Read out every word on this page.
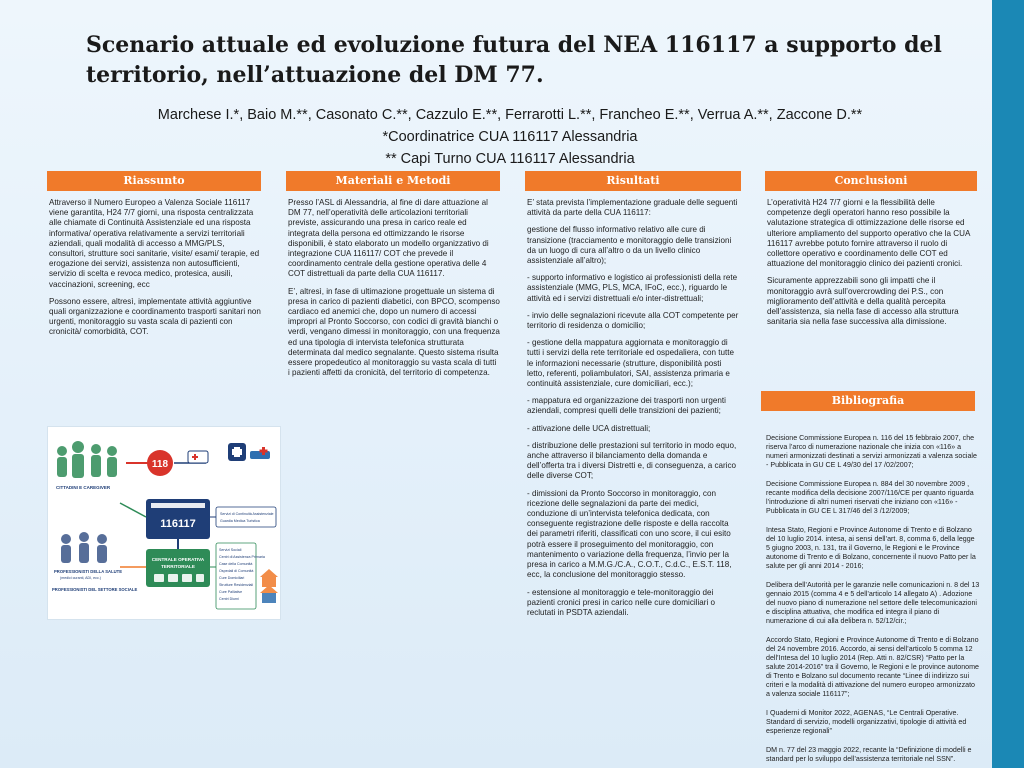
Scenario attuale ed evoluzione futura del NEA 116117 a supporto del territorio, nell’attuazione del DM 77.
Marchese I.*, Baio M.**, Casonato C.**, Cazzulo E.**, Ferrarotti L.**, Francheo E.**, Verrua A.**, Zaccone D.**
*Coordinatrice CUA 116117 Alessandria
** Capi Turno CUA 116117 Alessandria
Riassunto	Materiali e Metodi	Risultati	Conclusioni
Bibliografia

Attraverso il Numero Europeo a Valenza Sociale 116117 viene garantita, H24 7/7 giorni, una risposta centralizzata alle chiamate di Continuità Assistenziale ed una risposta informativa/ operativa relativamente a servizi territoriali aziendali, quali modalità di accesso a MMG/PLS, consultori, strutture soci sanitarie, visite/ esami/ terapie, ed erogazione dei servizi, assistenza non autosufficienti, servizio di scelta e revoca medico, protesica, ausili, vaccinazioni, screening, ecc

Possono essere, altresì, implementate attività aggiuntive quali organizzazione e coordinamento trasporti sanitari non urgenti, monitoraggio su vasta scala di pazienti con cronicità/ comorbidità, COT.

Presso l’ASL di Alessandria, al fine di dare attuazione al DM 77, nell’operatività delle articolazioni territoriali previste, assicurando una presa in carico reale ed integrata della persona ed ottimizzando le risorse disponibili, è stato elaborato un modello organizzativo di integrazione CUA 116117/ COT che prevede il coordinamento centrale della gestione operativa delle 4 COT distrettuali da parte della CUA 116117.

E’, altresì, in fase di ultimazione progettuale un sistema di presa in carico di pazienti diabetici, con BPCO, scompenso cardiaco ed anemici che, dopo un numero di accessi impropri al Pronto Soccorso, con codici di gravità bianchi o verdi, vengano dimessi in monitoraggio, con una frequenza ed una tipologia di intervista telefonica strutturata determinata dal medico segnalante. Questo sistema risulta essere propedeutico al monitoraggio su vasta scala di tutti i pazienti affetti da cronicità, del territorio di competenza.

E’ stata prevista l’implementazione graduale delle seguenti attività da parte della CUA 116117:

gestione del flusso informativo relativo alle cure di transizione (tracciamento e monitoraggio delle transizioni da un luogo di cura all’altro o da un livello clinico assistenziale all’altro);

- supporto informativo e logistico ai professionisti della rete assistenziale (MMG, PLS, MCA, IFoC, ecc.), riguardo le attività ed i servizi distrettuali e/o inter-distrettuali;

- invio delle segnalazioni ricevute alla COT competente per territorio di residenza o domicilio;

- gestione della mappatura aggiornata e monitoraggio di tutti i servizi della rete territoriale ed ospedaliera, con tutte le informazioni necessarie (strutture, disponibilità posti letto, referenti, poliambulatori, SAI, assistenza primaria e continuità assistenziale, cure domiciliari, ecc.);

- mappatura ed organizzazione dei trasporti non urgenti aziendali, compresi quelli delle transizioni dei pazienti;

- attivazione delle UCA distrettuali;

- distribuzione delle prestazioni sul territorio in modo equo, anche attraverso il bilanciamento della domanda e dell’offerta tra i diversi Distretti e, di conseguenza, a carico delle diverse COT;

- dimissioni da Pronto Soccorso in monitoraggio, con ricezione delle segnalazioni da parte dei medici, conduzione di un’intervista telefonica dedicata, con conseguente registrazione delle risposte e della raccolta dei parametri riferiti, classificati con uno score, il cui esito potrà essere il proseguimento del monitoraggio, con mantenimento o variazione della frequenza, l’invio per la presa in carico a M.M.G./C.A., C.O.T., C.d.C., E.S.T. 118, ecc, la conclusione del monitoraggio stesso.

- estensione al monitoraggio e tele-monitoraggio dei pazienti cronici presi in carico nelle cure domiciliari o reclutati in PSDTA aziendali.

L’operatività H24 7/7 giorni e la flessibilità delle competenze degli operatori hanno reso possibile la valutazione strategica di ottimizzazione delle risorse ed ulteriore ampliamento del supporto operativo che la CUA 116117 avrebbe potuto fornire attraverso il ruolo di collettore operativo e coordinamento delle COT ed attuazione del monitoraggio clinico dei pazienti cronici.

Sicuramente apprezzabili sono gli impatti che il monitoraggio avrà sull’overcrowding dei P.S., con miglioramento dell’attività e della qualità percepita dell’assistenza, sia nella fase di accesso alla struttura sanitaria sia nella fase successiva alla dimissione.

Decisione Commissione Europea n. 116 del 15 febbraio 2007, che riserva l’arco di numerazione nazionale che inizia con «116» a numeri armonizzati destinati a servizi armonizzati a valenza sociale - Pubblicata in GU CE L 49/30 del 17 /02/2007;

Decisione Commissione Europea n. 884 del 30 novembre 2009 , recante modifica della decisione 2007/116/CE per quanto riguarda l’introduzione di altri numeri riservati che iniziano con «116» - Pubblicata in GU CE L 317/46 del 3 /12/2009;

Intesa Stato, Regioni e Province Autonome di Trento e di Bolzano del 10 luglio 2014. intesa, ai sensi dell’art. 8, comma 6, della legge 5 giugno 2003, n. 131, tra il Governo, le Regioni e le Province autonome di Trento e di Bolzano, concernente il nuovo Patto per la salute per gli anni 2014 - 2016;

Delibera dell’Autorità per le garanzie nelle comunicazioni n. 8 del 13 gennaio 2015 (comma 4 e 5 dell’articolo 14 allegato A) . Adozione del nuovo piano di numerazione nel settore delle telecomunicazioni e disciplina attuativa, che modifica ed integra il piano di numerazione di cui alla delibera n. 52/12/cir.;

Accordo Stato, Regioni e Province Autonome di Trento e di Bolzano del 24 novembre 2016. Accordo, ai sensi dell’articolo 5 comma 12 dell’Intesa del 10 luglio 2014 (Rep. Atti n. 82/CSR) “Patto per la salute 2014-2016” tra il Governo, le Regioni e le province autonome di Trento e Bolzano sul documento recante “Linee di indirizzo sui criteri e la modalità di attivazione del numero europeo armonizzato a valenza sociale 116117”;

I Quaderni di Monitor 2022, AGENAS, “Le Centrali Operative. Standard di servizio, modelli organizzativi, tipologie di attività ed esperienze regionali”

DM n. 77 del 23 maggio 2022, recante la “Definizione di modelli e standard per lo sviluppo dell’assistenza territoriale nel SSN”.

CITTADINI E CAREGIVER
118
116117
Servizi di Continuità Assistenziale
Guardia Medica Turistica
CENTRALE OPERATIVA
TERRITORIALE
PROFESSIONISTI DELLA SALUTE
(medici curanti, ADI, ecc.)
PROFESSIONISTI DEL SETTORE SOCIALE
Servizi Sociali
Centri di Assistenza Primaria
Case della Comunità
Ospedali di Comunità
Cure Domiciliari
Strutture Residenziali
Cure Palliative
Centri Diurni
